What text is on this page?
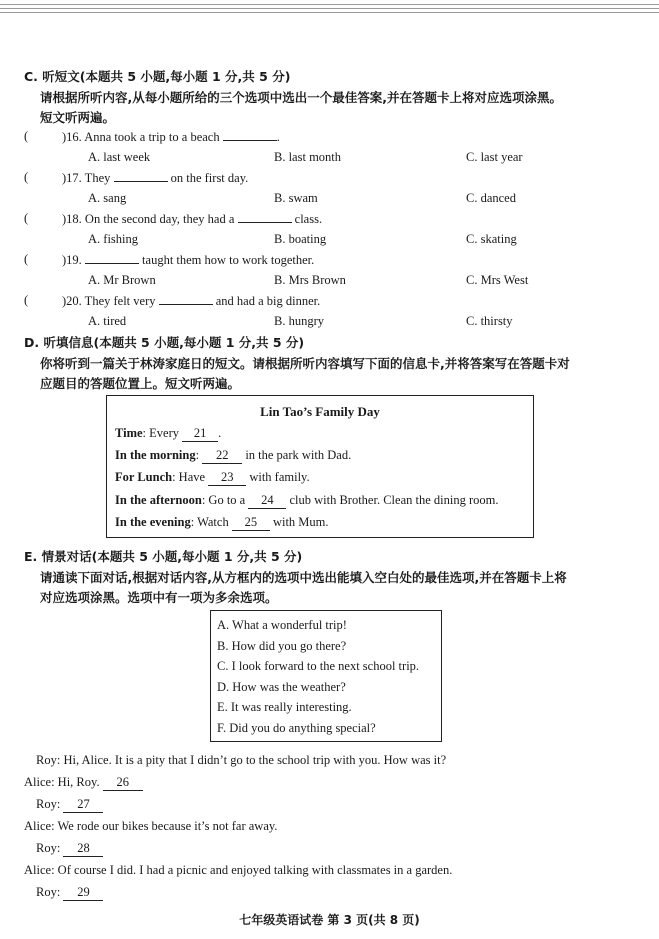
C. 听短文(本题共 5 小题,每小题 1 分,共 5 分)
请根据所听内容,从每小题所给的三个选项中选出一个最佳答案,并在答题卡上将对应选项涂黑。
短文听两遍。
(	)16. Anna took a trip to a beach	.
A. last week	B. last month	C. last year
(	)17. They	on the first day.
A. sang	B. swam	C. danced
(	)18. On the second day, they had a	class.
A. fishing	B. boating	C. skating
(	)19.	taught them how to work together.
A. Mr Brown	B. Mrs Brown	C. Mrs West
(	)20. They felt very	and had a big dinner.
A. tired	B. hungry	C. thirsty
D. 听填信息(本题共 5 小题,每小题 1 分,共 5 分)
你将听到一篇关于林涛家庭日的短文。请根据所听内容填写下面的信息卡,并将答案写在答题卡对
应题目的答题位置上。短文听两遍。
Lin Tao’s Family Day
Time: Every 21 .
In the morning: 22 in the park with Dad.
For Lunch: Have 23 with family.
In the afternoon: Go to a 24 club with Brother. Clean the dining room.
In the evening: Watch 25 with Mum.
E. 情景对话(本题共 5 小题,每小题 1 分,共 5 分)
请通读下面对话,根据对话内容,从方框内的选项中选出能填入空白处的最佳选项,并在答题卡上将
对应选项涂黑。选项中有一项为多余选项。
A. What a wonderful trip!
B. How did you go there?
C. I look forward to the next school trip.
D. How was the weather?
E. It was really interesting.
F. Did you do anything special?
Roy: Hi, Alice. It is a pity that I didn’t go to the school trip with you. How was it?
Alice: Hi, Roy. 26
Roy: 27
Alice: We rode our bikes because it’s not far away.
Roy: 28
Alice: Of course I did. I had a picnic and enjoyed talking with classmates in a garden.
Roy: 29
七年级英语试卷 第 3 页(共 8 页)
